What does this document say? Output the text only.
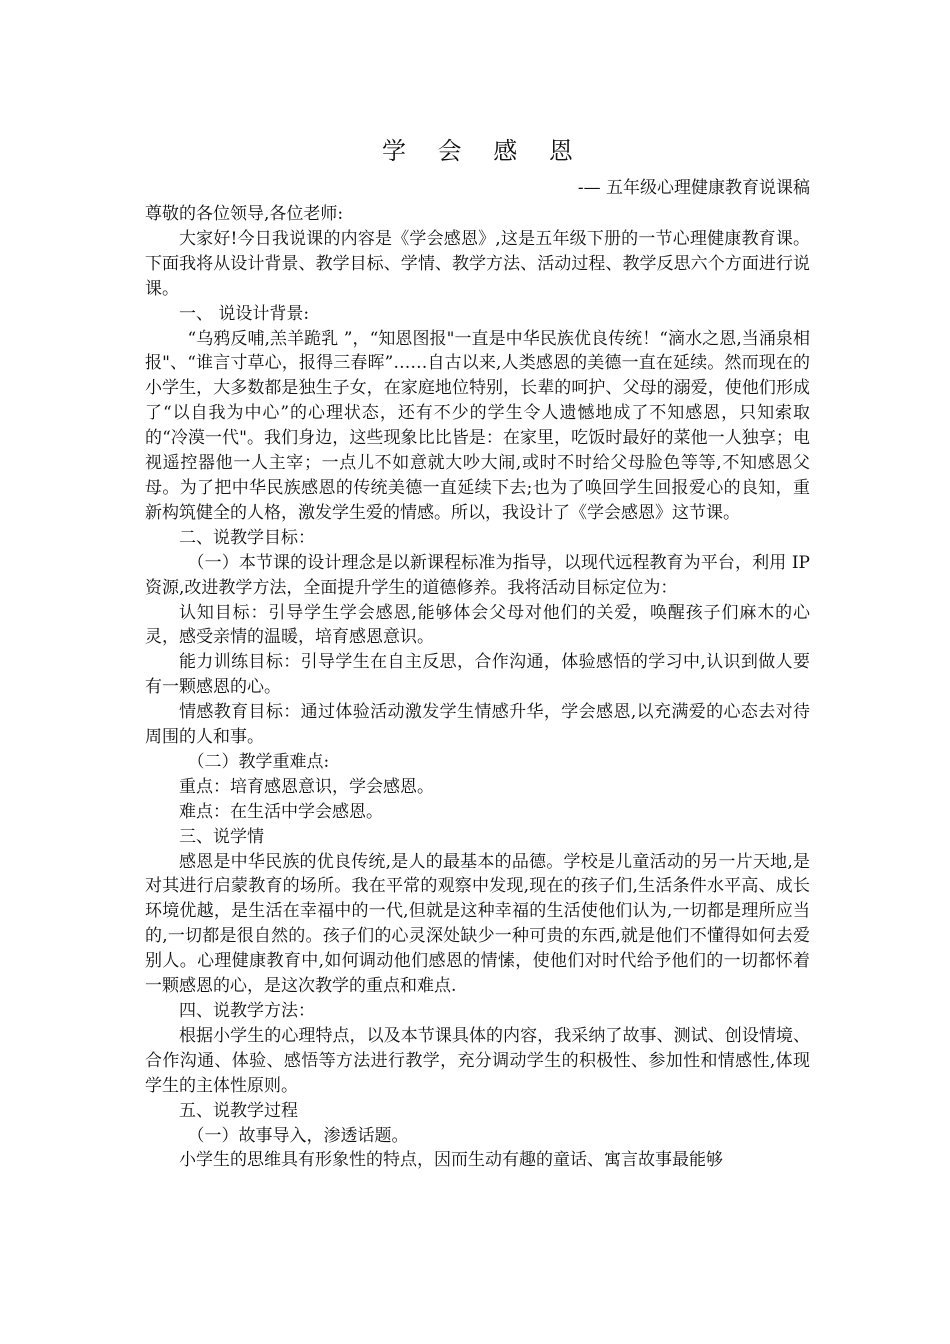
学 会 感 恩
-— 五年级心理健康教育说课稿

尊敬的各位领导,各位老师:

大家好!今日我说课的内容是《学会感恩》,这是五年级下册的一节心理健康教育课。下面我将从设计背景、教学目标、学情、教学方法、活动过程、教学反思六个方面进行说课。

一、 说设计背景:

“乌鸦反哺,羔羊跪乳 ”，“知恩图报"一直是中华民族优良传统！“滴水之恩,当涌泉相报"、“谁言寸草心，报得三春晖”……自古以来,人类感恩的美德一直在延续。然而现在的小学生，大多数都是独生子女，在家庭地位特别，长辈的呵护、父母的溺爱，使他们形成了“以自我为中心”的心理状态，还有不少的学生令人遗憾地成了不知感恩，只知索取的“冷漠一代"。我们身边，这些现象比比皆是：在家里，吃饭时最好的菜他一人独享；电视遥控器他一人主宰；一点儿不如意就大吵大闹,或时不时给父母脸色等等,不知感恩父母。为了把中华民族感恩的传统美德一直延续下去;也为了唤回学生回报爱心的良知，重新构筑健全的人格，激发学生爱的情感。所以，我设计了《学会感恩》这节课。

二、说教学目标：

（一）本节课的设计理念是以新课程标准为指导，以现代远程教育为平台，利用 IP 资源,改进教学方法，全面提升学生的道德修养。我将活动目标定位为：

认知目标：引导学生学会感恩,能够体会父母对他们的关爱，唤醒孩子们麻木的心灵，感受亲情的温暖，培育感恩意识。

能力训练目标：引导学生在自主反思，合作沟通，体验感悟的学习中,认识到做人要有一颗感恩的心。

情感教育目标：通过体验活动激发学生情感升华，学会感恩,以充满爱的心态去对待周围的人和事。

（二）教学重难点:

重点：培育感恩意识，学会感恩。

难点：在生活中学会感恩。

三、说学情

感恩是中华民族的优良传统,是人的最基本的品德。学校是儿童活动的另一片天地,是对其进行启蒙教育的场所。我在平常的观察中发现,现在的孩子们,生活条件水平高、成长环境优越，是生活在幸福中的一代,但就是这种幸福的生活使他们认为,一切都是理所应当的,一切都是很自然的。孩子们的心灵深处缺少一种可贵的东西,就是他们不懂得如何去爱别人。心理健康教育中,如何调动他们感恩的情愫，使他们对时代给予他们的一切都怀着一颗感恩的心，是这次教学的重点和难点.

四、说教学方法：

根据小学生的心理特点，以及本节课具体的内容，我采纳了故事、测试、创设情境、合作沟通、体验、感悟等方法进行教学，充分调动学生的积极性、参加性和情感性,体现学生的主体性原则。

五、说教学过程

（一）故事导入，渗透话题。

小学生的思维具有形象性的特点，因而生动有趣的童话、寓言故事最能够
